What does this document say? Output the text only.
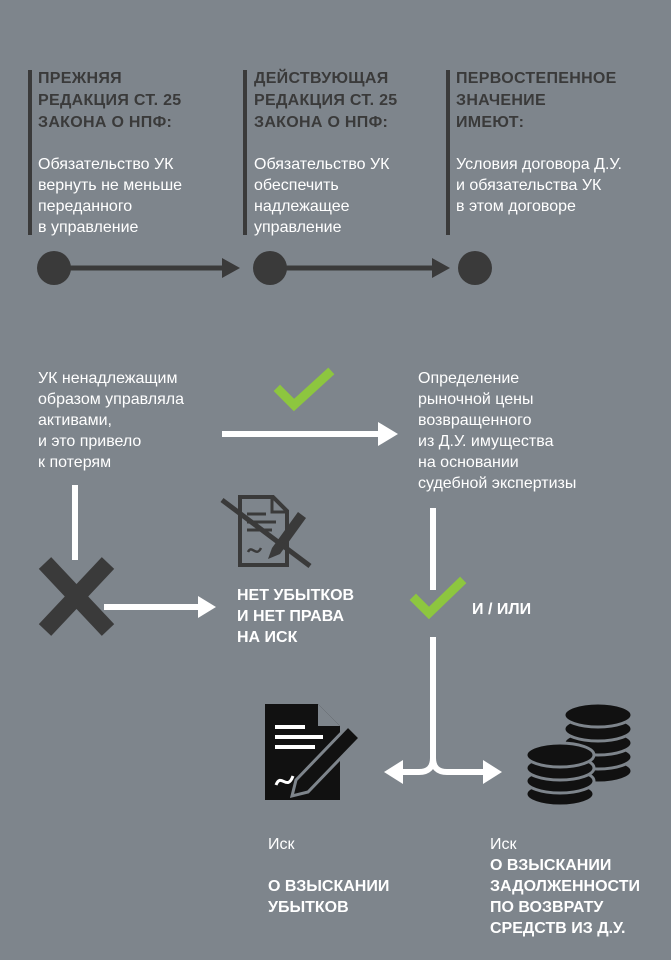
ПРЕЖНЯЯ
РЕДАКЦИЯ СТ. 25
ЗАКОНА О НПФ:
Обязательство УК
вернуть не меньше
переданного
в управление
ДЕЙСТВУЮЩАЯ
РЕДАКЦИЯ СТ. 25
ЗАКОНА О НПФ:
Обязательство УК
обеспечить
надлежащее
управление
ПЕРВОСТЕПЕННОЕ
ЗНАЧЕНИЕ
ИМЕЮТ:
Условия договора Д.У.
и обязательства УК
в этом договоре
УК ненадлежащим
образом управляла
активами,
и это привело
к потерям
Определение
рыночной цены
возвращенного
из Д.У. имущества
на основании
судебной экспертизы
НЕТ УБЫТКОВ
И НЕТ ПРАВА
НА ИСК
И / ИЛИ

Иск

О ВЗЫСКАНИИ
УБЫТКОВ

Иск
О ВЗЫСКАНИИ

ЗАДОЛЖЕННОСТИ
ПО ВОЗВРАТУ
СРЕДСТВ ИЗ Д.У.
